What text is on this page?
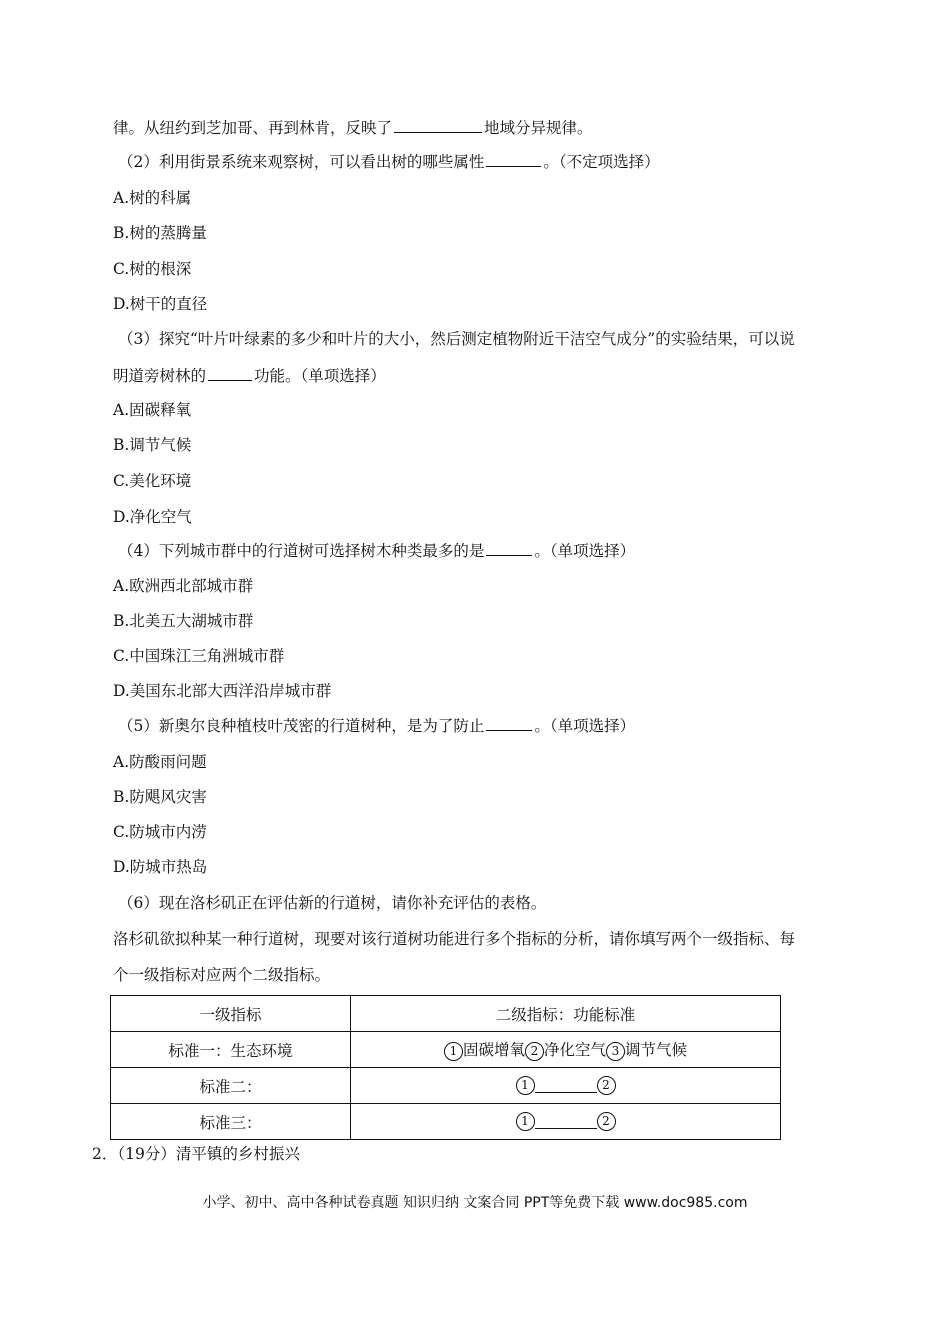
律。从纽约到芝加哥、再到林肯，反映了	地域分异规律。
（2）利用街景系统来观察树，可以看出树的哪些属性	。（不定项选择）
A.树的科属
B.树的蒸腾量
C.树的根深
D.树干的直径
（3）探究“叶片叶绿素的多少和叶片的大小，然后测定植物附近干洁空气成分”的实验结果，可以说
明道旁树林的	功能。（单项选择）
A.固碳释氧
B.调节气候
C.美化环境
D.净化空气
（4）下列城市群中的行道树可选择树木种类最多的是	。（单项选择）
A.欧洲西北部城市群
B.北美五大湖城市群
C.中国珠江三角洲城市群
D.美国东北部大西洋沿岸城市群
（5）新奥尔良种植枝叶茂密的行道树种，是为了防止	。（单项选择）
A.防酸雨问题
B.防飓风灾害
C.防城市内涝
D.防城市热岛
（6）现在洛杉矶正在评估新的行道树，请你补充评估的表格。
洛杉矶欲拟种某一种行道树，现要对该行道树功能进行多个指标的分析，请你填写两个一级指标、每
个一级指标对应两个二级指标。
一级指标	二级指标：功能标准
标准一：生态环境	1 固碳增氧 2 净化空气 3 调节气候
标准二：	1 2
标准三：	1 2
2．（19分）清平镇的乡村振兴
小学、初中、高中各种试卷真题 知识归纳 文案合同 PPT等免费下载 www.doc985.com
